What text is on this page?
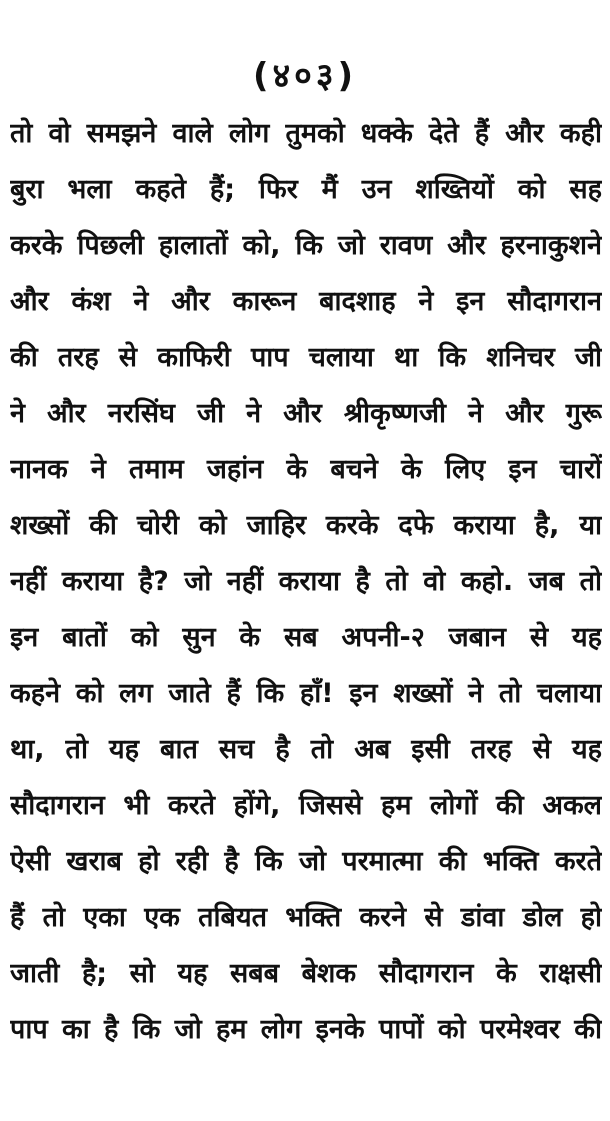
(४०३)
तो वो समझने वाले लोग तुमको धक्के देते हैं और कही
बुरा भला कहते हैं; फिर मैं उन शख्तियों को सह
करके पिछली हालातों को, कि जो रावण और हरनाकुशने
और कंश ने और कारून बादशाह ने इन सौदागरान
की तरह से काफिरी पाप चलाया था कि शनिचर जी
ने और नरसिंघ जी ने और श्रीकृष्णजी ने और गुरू
नानक ने तमाम जहांन के बचने के लिए इन चारों
शख्सों की चोरी को जाहिर करके दफे कराया है, या
नहीं कराया है? जो नहीं कराया है तो वो कहो. जब तो
इन बातों को सुन के सब अपनी-२ जबान से यह
कहने को लग जाते हैं कि हाँ! इन शख्सों ने तो चलाया
था, तो यह बात सच है तो अब इसी तरह से यह
सौदागरान भी करते होंगे, जिससे हम लोगों की अकल
ऐसी खराब हो रही है कि जो परमात्मा की भक्ति करते
हैं तो एका एक तबियत भक्ति करने से डांवा डोल हो
जाती है; सो यह सबब बेशक सौदागरान के राक्षसी
पाप का है कि जो हम लोग इनके पापों को परमेश्वर की
